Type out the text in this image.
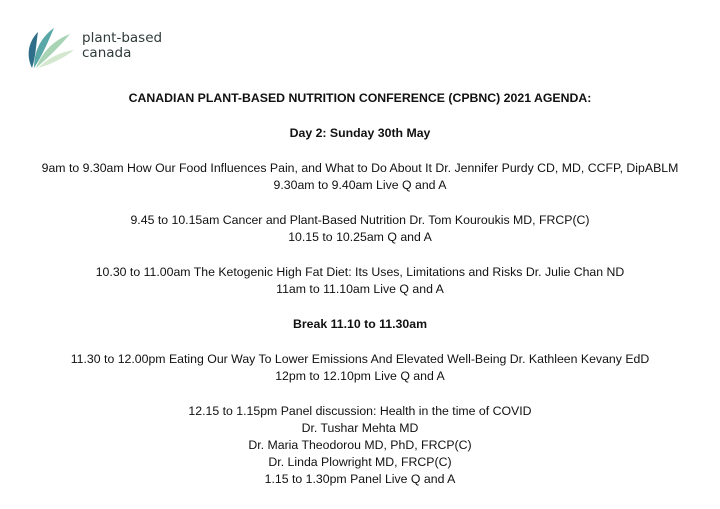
plant-based
canada
CANADIAN PLANT-BASED NUTRITION CONFERENCE (CPBNC) 2021 AGENDA:
Day 2: Sunday 30th May
9am to 9.30am How Our Food Influences Pain, and What to Do About It Dr. Jennifer Purdy CD, MD, CCFP, DipABLM
9.30am to 9.40am Live Q and A
9.45 to 10.15am Cancer and Plant-Based Nutrition Dr. Tom Kouroukis MD, FRCP(C)
10.15 to 10.25am Q and A
10.30 to 11.00am The Ketogenic High Fat Diet: Its Uses, Limitations and Risks Dr. Julie Chan ND
11am to 11.10am Live Q and A
Break 11.10 to 11.30am
11.30 to 12.00pm Eating Our Way To Lower Emissions And Elevated Well-Being Dr. Kathleen Kevany EdD
12pm to 12.10pm Live Q and A
12.15 to 1.15pm Panel discussion: Health in the time of COVID
Dr. Tushar Mehta MD
Dr. Maria Theodorou MD, PhD, FRCP(C)
Dr. Linda Plowright MD, FRCP(C)
1.15 to 1.30pm Panel Live Q and A
